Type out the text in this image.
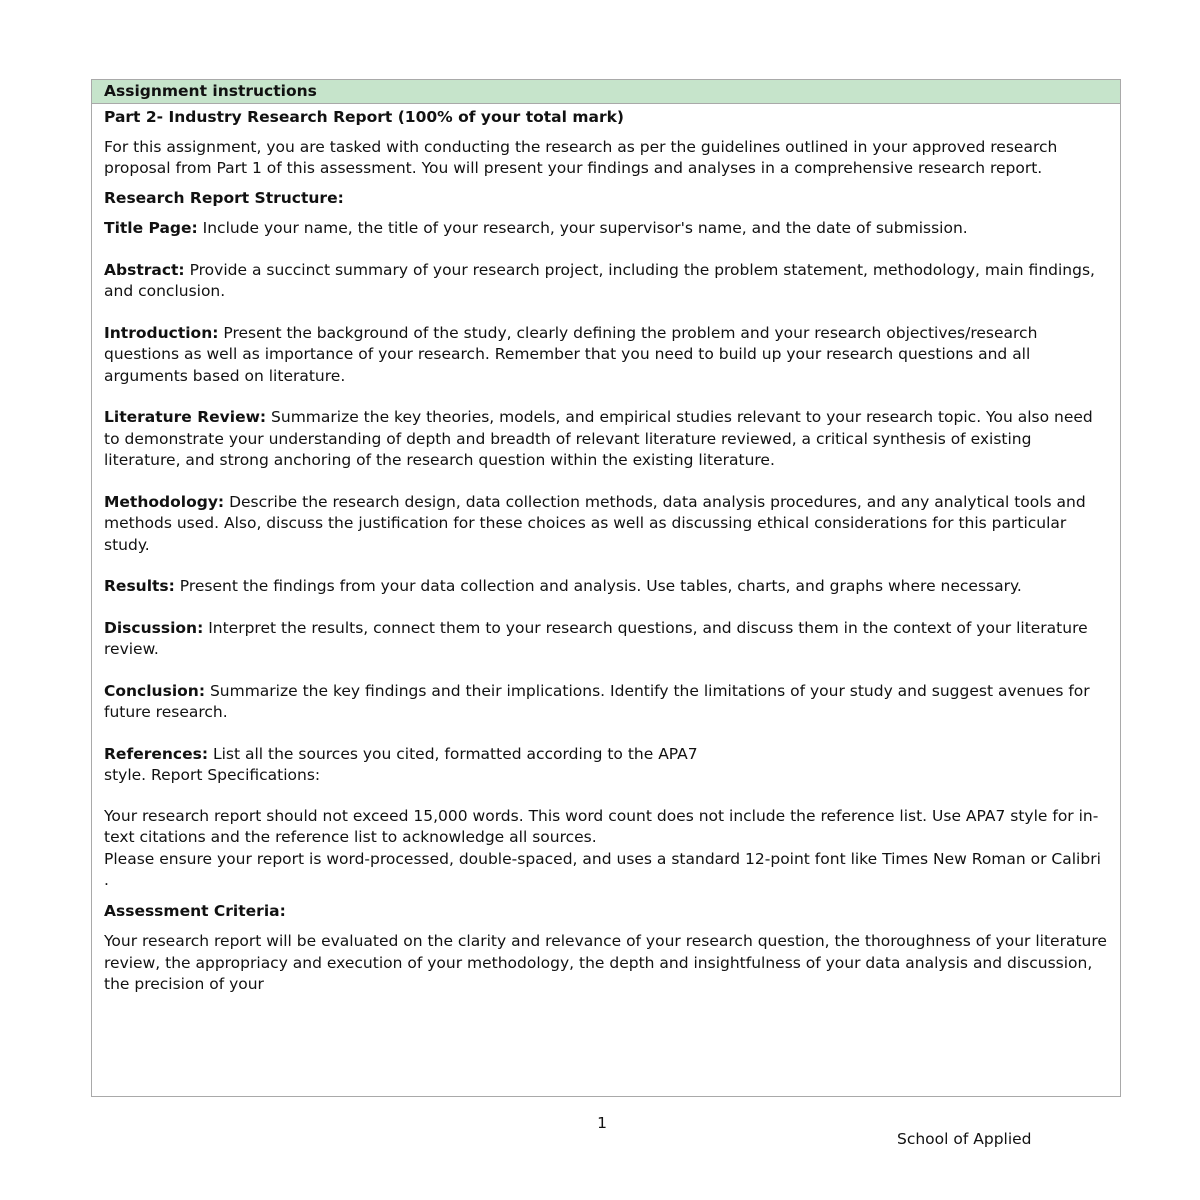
Assignment instructions

Part 2- Industry Research Report (100% of your total mark)

For this assignment, you are tasked with conducting the research as per the guidelines outlined in your approved research proposal from Part 1 of this assessment. You will present your findings and analyses in a comprehensive research report.

Research Report Structure:

Title Page: Include your name, the title of your research, your supervisor's name, and the date of submission.

Abstract: Provide a succinct summary of your research project, including the problem statement, methodology, main findings, and conclusion.

Introduction: Present the background of the study, clearly defining the problem and your research objectives/research questions as well as importance of your research. Remember that you need to build up your research questions and all arguments based on literature.

Literature Review: Summarize the key theories, models, and empirical studies relevant to your research topic. You also need to demonstrate your understanding of depth and breadth of relevant literature reviewed, a critical synthesis of existing literature, and strong anchoring of the research question within the existing literature.

Methodology: Describe the research design, data collection methods, data analysis procedures, and any analytical tools and methods used. Also, discuss the justification for these choices as well as discussing ethical considerations for this particular study.

Results: Present the findings from your data collection and analysis. Use tables, charts, and graphs where necessary.

Discussion: Interpret the results, connect them to your research questions, and discuss them in the context of your literature review.

Conclusion: Summarize the key findings and their implications. Identify the limitations of your study and suggest avenues for future research.

References: List all the sources you cited, formatted according to the APA7
style. Report Specifications:

Your research report should not exceed 15,000 words. This word count does not include the reference list. Use APA7 style for in-text citations and the reference list to acknowledge all sources.

Please ensure your report is word-processed, double-spaced, and uses a standard 12-point font like Times New Roman or Calibri .

Assessment Criteria:

Your research report will be evaluated on the clarity and relevance of your research question, the thoroughness of your literature review, the appropriacy and execution of your methodology, the depth and insightfulness of your data analysis and discussion, the precision of your

1
School of Applied
